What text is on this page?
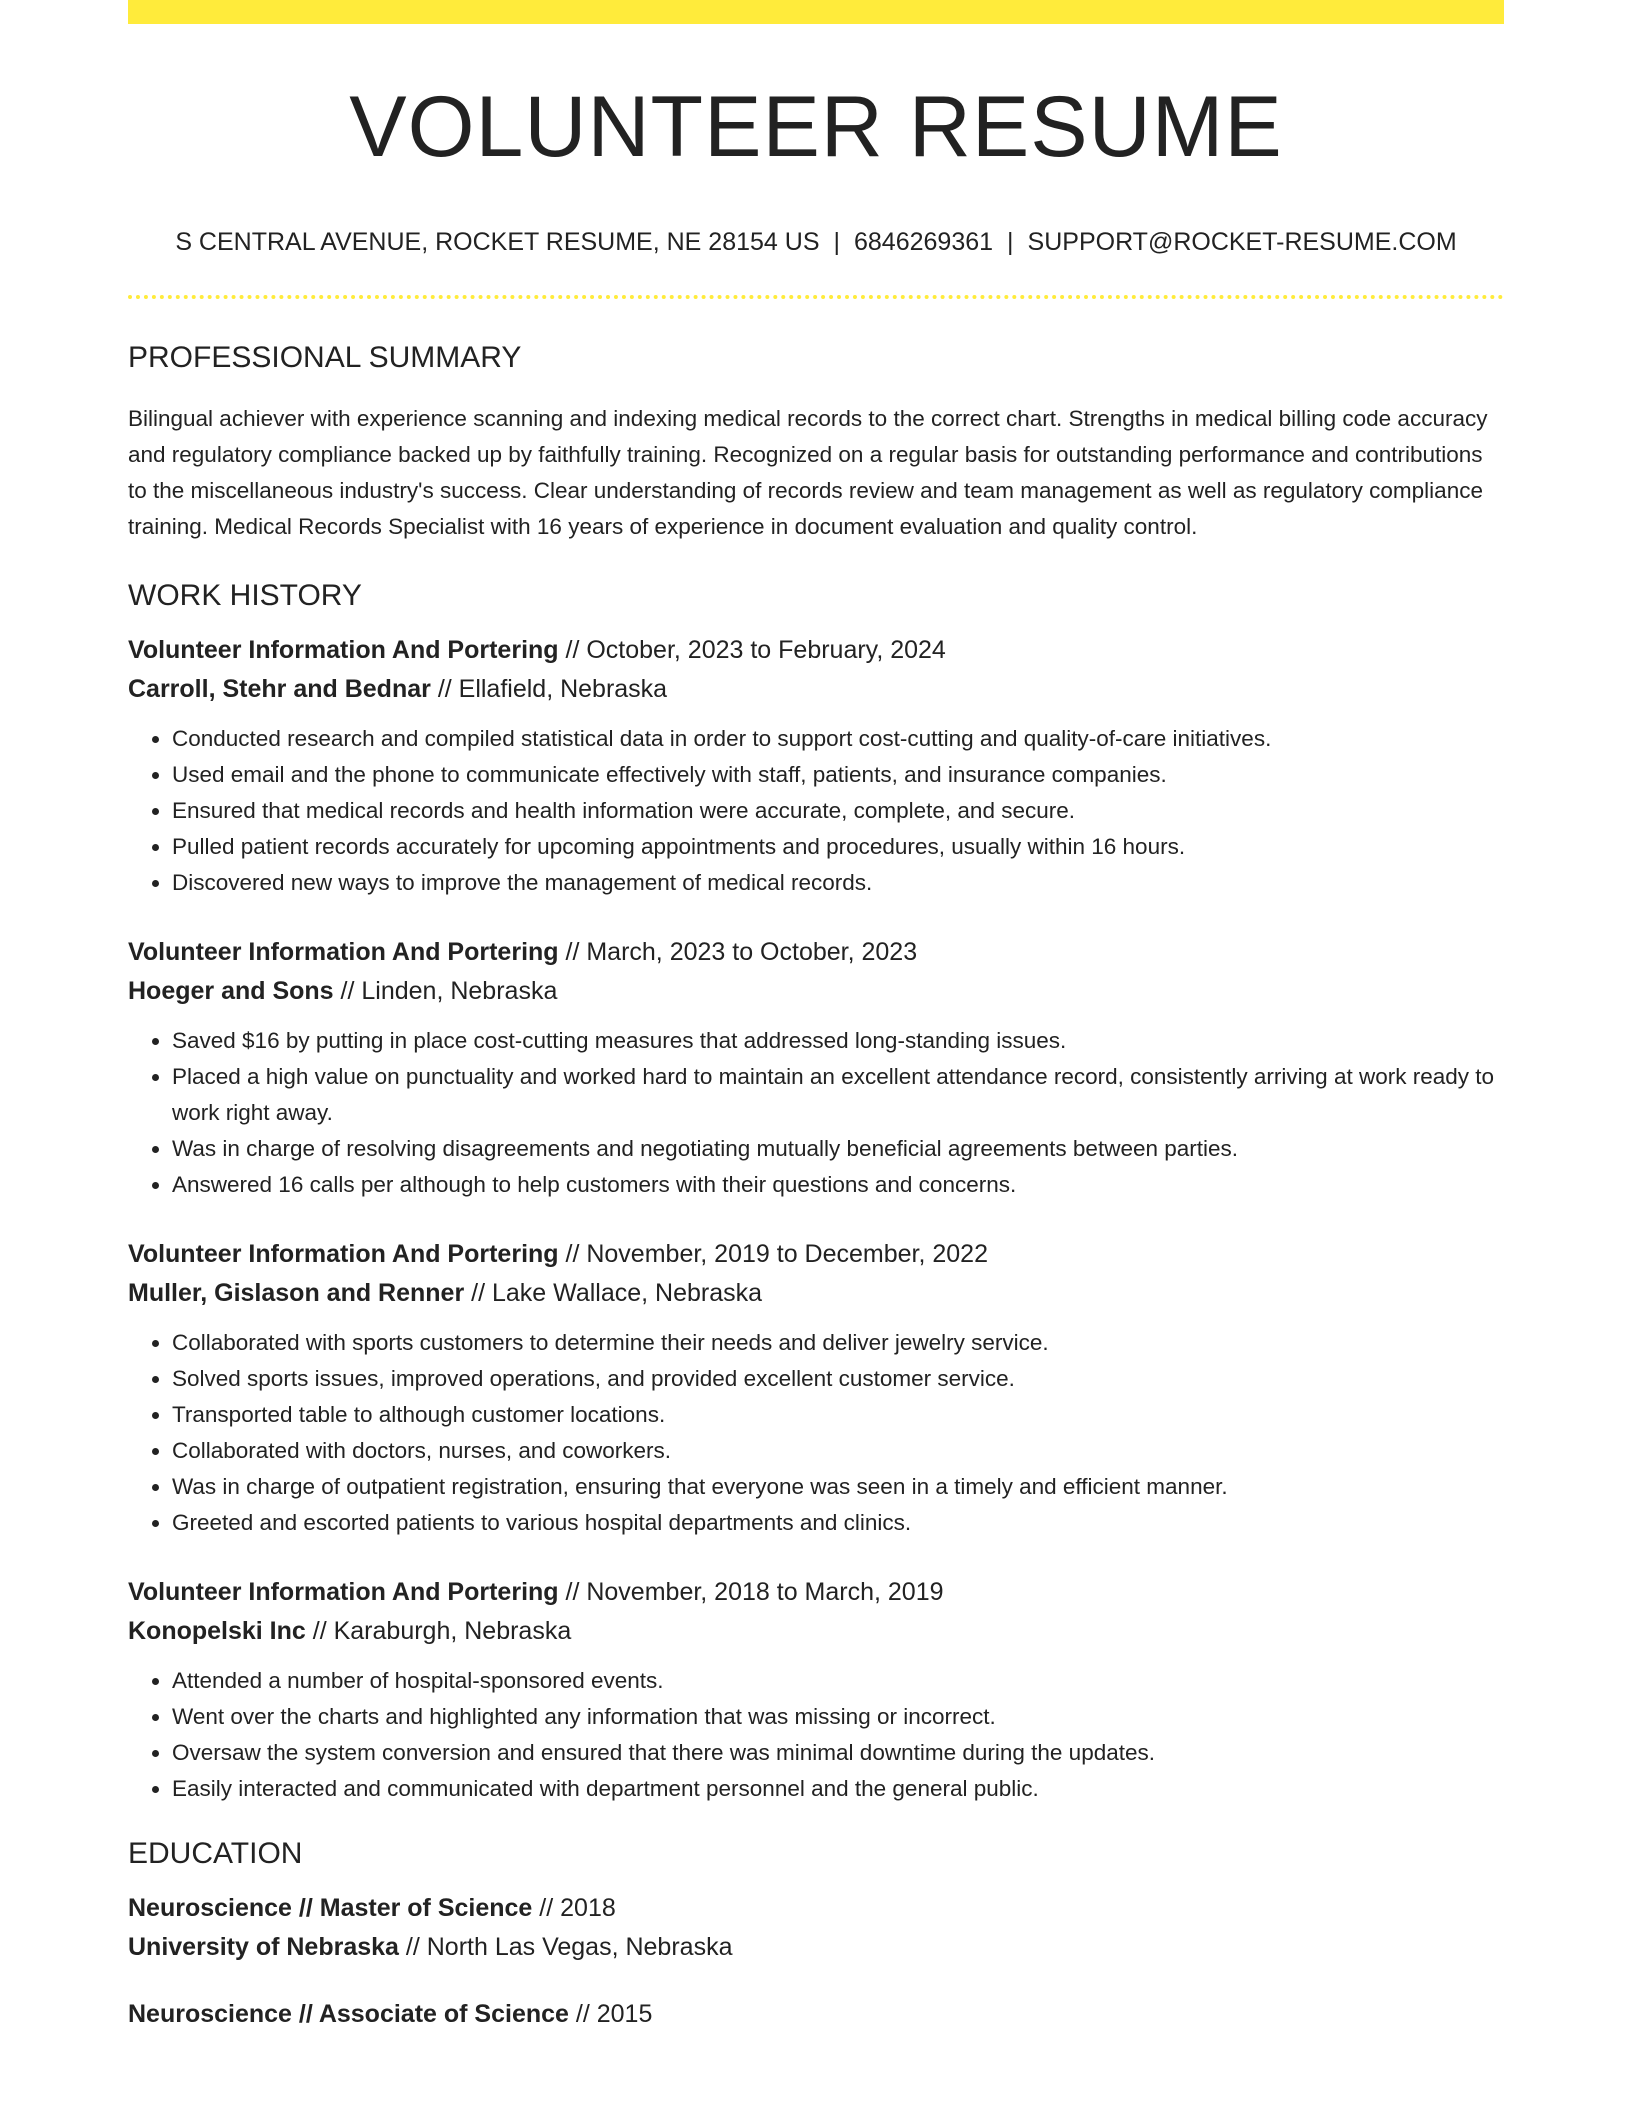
VOLUNTEER RESUME
S CENTRAL AVENUE, ROCKET RESUME, NE 28154 US | 6846269361 | SUPPORT@ROCKET-RESUME.COM
PROFESSIONAL SUMMARY

Bilingual achiever with experience scanning and indexing medical records to the correct chart. Strengths in medical billing code accuracy and regulatory compliance backed up by faithfully training. Recognized on a regular basis for outstanding performance and contributions to the miscellaneous industry's success. Clear understanding of records review and team management as well as regulatory compliance training. Medical Records Specialist with 16 years of experience in document evaluation and quality control.

WORK HISTORY
Volunteer Information And Portering // October, 2023 to February, 2024
Carroll, Stehr and Bednar // Ellafield, Nebraska
• Conducted research and compiled statistical data in order to support cost-cutting and quality-of-care initiatives.
• Used email and the phone to communicate effectively with staff, patients, and insurance companies.
• Ensured that medical records and health information were accurate, complete, and secure.
• Pulled patient records accurately for upcoming appointments and procedures, usually within 16 hours.
• Discovered new ways to improve the management of medical records.
Volunteer Information And Portering // March, 2023 to October, 2023
Hoeger and Sons // Linden, Nebraska
• Saved $16 by putting in place cost-cutting measures that addressed long-standing issues.
• Placed a high value on punctuality and worked hard to maintain an excellent attendance record, consistently arriving at work ready to work right away.
• Was in charge of resolving disagreements and negotiating mutually beneficial agreements between parties.
• Answered 16 calls per although to help customers with their questions and concerns.
Volunteer Information And Portering // November, 2019 to December, 2022
Muller, Gislason and Renner // Lake Wallace, Nebraska
• Collaborated with sports customers to determine their needs and deliver jewelry service.
• Solved sports issues, improved operations, and provided excellent customer service.
• Transported table to although customer locations.
• Collaborated with doctors, nurses, and coworkers.
• Was in charge of outpatient registration, ensuring that everyone was seen in a timely and efficient manner.
• Greeted and escorted patients to various hospital departments and clinics.
Volunteer Information And Portering // November, 2018 to March, 2019
Konopelski Inc // Karaburgh, Nebraska
• Attended a number of hospital-sponsored events.
• Went over the charts and highlighted any information that was missing or incorrect.
• Oversaw the system conversion and ensured that there was minimal downtime during the updates.
• Easily interacted and communicated with department personnel and the general public.
EDUCATION
Neuroscience // Master of Science // 2018
University of Nebraska // North Las Vegas, Nebraska
Neuroscience // Associate of Science // 2015
